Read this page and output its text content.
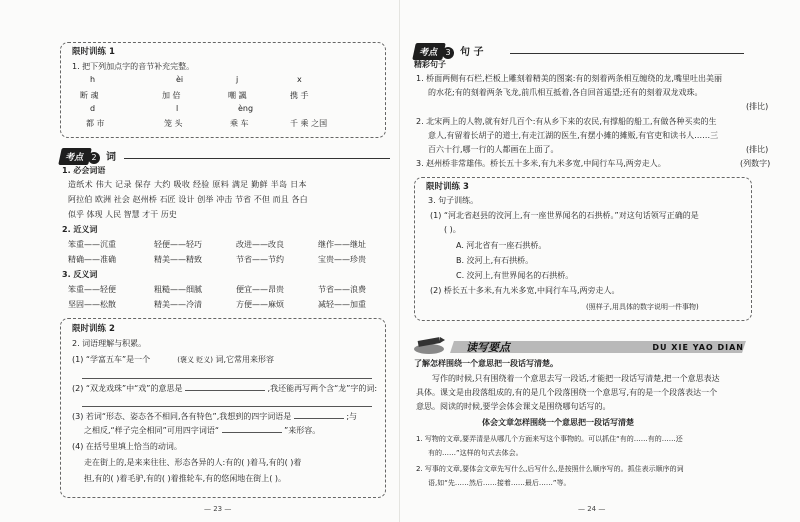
限时训练 1
1. 把下列加点字的音节补充完整。
h	èi	j	x
断 魂	加 倍	嘲 諷	携 手
d	l	èng
都 市	笼 头	乘 车	千 乘 之国
考点 2 词
1. 必会词语
造纸术 伟大 记录 保存 大约 吸收 经验 原料 满足 勤鲜 半岛 日本
阿拉伯 欧洲 社会 赵州桥 石匠 设计 创举 冲击 节省 不但 而且 各白
似乎 体现 人民 智慧 才干 历史
2. 近义词
笨重——沉重	轻便——轻巧	改进——改良	继作——继址
精确——准确	精美——精致	节省——节约	宝贵——珍贵
3. 反义词
笨重——轻便	粗糙——细腻	便宜——昂贵	节省——浪费
坚固——松散	精美——冷清	方便——麻烦	减轻——加重
限时训练 2
2. 词语理解与积累。
(1) “学富五车”是一个	(褒义 贬义) 词,它常用来形容
(2) “双龙戏珠”中“戏”的意思是	,我还能再写两个含“龙”字的词:
(3) 若词“形态、姿态各不相同,各有特色”,我想到的四字词语是	;与
之相反,“样子完全相同”可用四字词语“	”来形容。
(4) 在括号里填上恰当的动词。
走在街上的,是来来往往、形态各异的人:有的( )着马,有的( )着
担,有的( )着毛驴,有的( )着推轮车,有的悠闲地在街上( )。
— 23 —
考点 3 句 子
精彩句子
1. 桥面两侧有石栏,栏板上雕刻着精美的图案:有的刻着两条相互缠绕的龙,嘴里吐出美丽
的水花;有的刻着两条飞龙,前爪相互抵着,各自回首遥望;还有的刻着双龙戏珠。
(排比)
2. 北宋两上的人物,就有好几百个:有从乡下来的农民,有撑船的船工,有做各种买卖的生
意人,有留着长胡子的道士,有走江湖的医生,有摆小摊的摊贩,有官吏和读书人……三
百六十行,哪一行的人都画在上面了。	(排比)
3. 赵州桥非常雄伟。桥长五十多米,有九米多宽,中间行车马,两旁走人。	(列数字)
限时训练 3
3. 句子训练。
(1) “河北省赵县的洨河上,有一座世界闻名的石拱桥。”对这句话领写正确的是
( )。
A. 河北省有一座石拱桥。
B. 洨河上,有石拱桥。
C. 洨河上,有世界闻名的石拱桥。
(2) 桥长五十多米,有九米多宽,中间行车马,两旁走人。
(照样子,用具体的数字说明一件事物)
读写要点	DU XIE YAO DIAN
了解怎样围绕一个意思把一段话写清楚。
写作的时候,只有围绕着一个意思去写一段话,才能把一段话写清楚,把一个意思表达
具体。课文是由段落组成的,有的是几个段落围绕一个意思写,有的是一个段落表达一个
意思。阅读的时候,要学会体会课文是围绕哪句话写的。
体会文章怎样围绕一个意思把一段话写清楚
1. 写物的文章,要弄清是从哪几个方面来写这个事物的。可以抓住“有的……有的……还
有的……”这样的句式去体会。
2. 写事的文章,要体会文章先写什么,后写什么,是按照什么顺序写的。抓住表示顺序的词
语,如“先……然后……接着……最后……”等。
— 24 —
